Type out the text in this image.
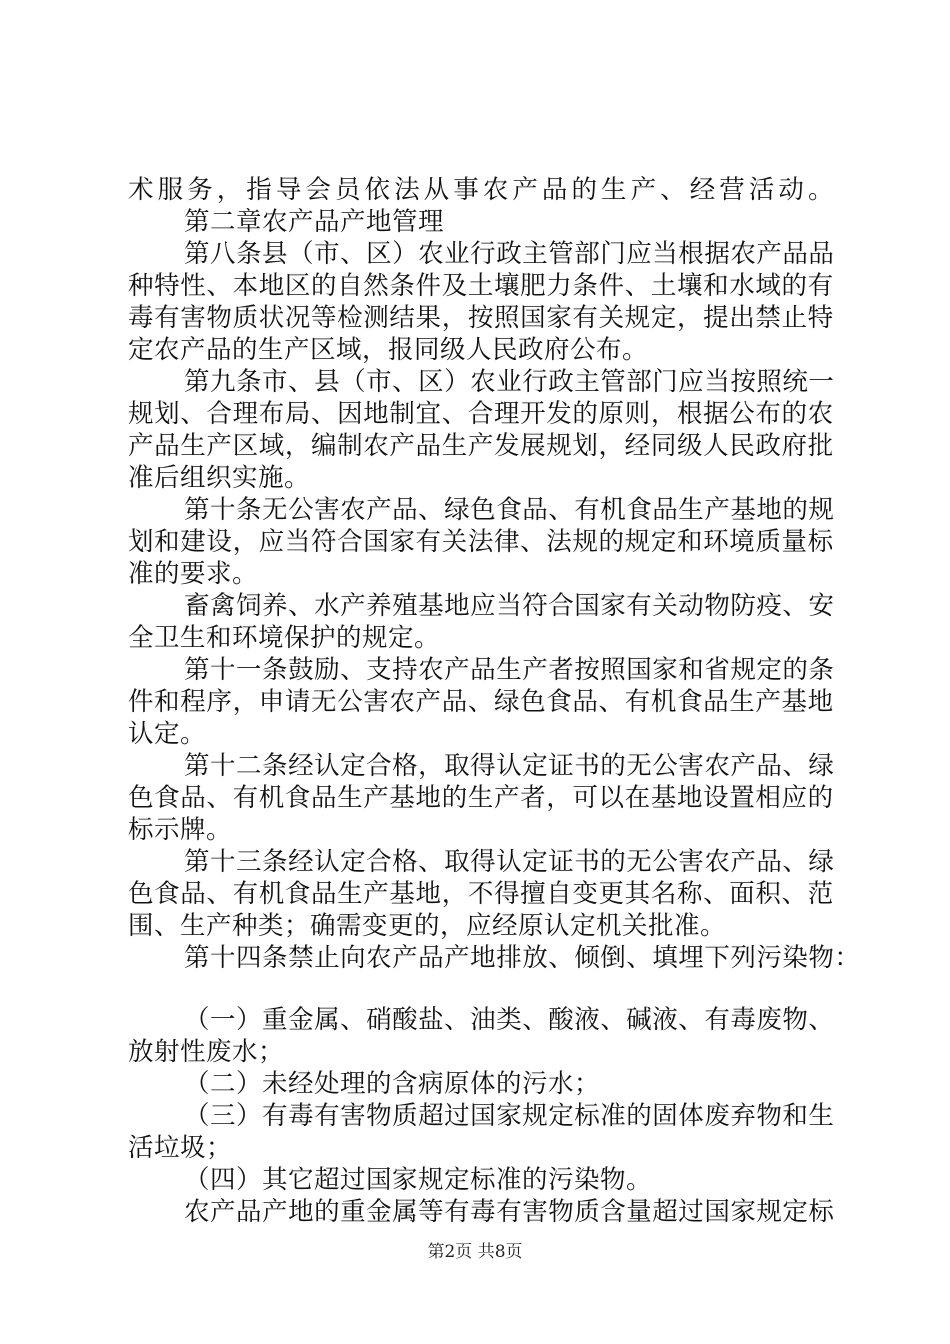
术 服 务 ， 指 导 会 员 依 法 从 事 农 产 品 的 生 产 、 经 营 活 动 。
第二章农产品产地管理
第 八 条 县 （ 市 、 区 ） 农 业 行 政 主 管 部 门 应 当 根 据 农 产 品 品
种 特 性 、 本 地 区 的 自 然 条 件 及 土 壤 肥 力 条 件 、 土 壤 和 水 域 的 有
毒 有 害 物 质 状 况 等 检 测 结 果 ， 按 照 国 家 有 关 规 定 ， 提 出 禁 止 特
定农产品的生产区域，报同级人民政府公布。
第 九 条 市 、 县 （ 市 、 区 ） 农 业 行 政 主 管 部 门 应 当 按 照 统 一
规 划 、 合 理 布 局 、 因 地 制 宜 、 合 理 开 发 的 原 则 ， 根 据 公 布 的 农
产 品 生 产 区 域 ， 编 制 农 产 品 生 产 发 展 规 划 ， 经 同 级 人 民 政 府 批
准后组织实施。
第 十 条 无 公 害 农 产 品 、 绿 色 食 品 、 有 机 食 品 生 产 基 地 的 规
划 和 建 设 ， 应 当 符 合 国 家 有 关 法 律 、 法 规 的 规 定 和 环 境 质 量 标
准的要求。
畜 禽 饲 养 、 水 产 养 殖 基 地 应 当 符 合 国 家 有 关 动 物 防 疫 、 安
全卫生和环境保护的规定。
第 十 一 条 鼓 励 、 支 持 农 产 品 生 产 者 按 照 国 家 和 省 规 定 的 条
件 和 程 序 ， 申 请 无 公 害 农 产 品 、 绿 色 食 品 、 有 机 食 品 生 产 基 地
认定。
第 十 二 条 经 认 定 合 格 ， 取 得 认 定 证 书 的 无 公 害 农 产 品 、 绿
色 食 品 、 有 机 食 品 生 产 基 地 的 生 产 者 ， 可 以 在 基 地 设 置 相 应 的
标示牌。
第 十 三 条 经 认 定 合 格 、 取 得 认 定 证 书 的 无 公 害 农 产 品 、 绿
色 食 品 、 有 机 食 品 生 产 基 地 ， 不 得 擅 自 变 更 其 名 称 、 面 积 、 范
围、生产种类；确需变更的，应经原认定机关批准。
第 十 四 条 禁 止 向 农 产 品 产 地 排 放 、 倾 倒 、 填 埋 下 列 污 染 物 ：
（ 一 ） 重 金 属 、 硝 酸 盐 、 油 类 、 酸 液 、 碱 液 、 有 毒 废 物 、
放射性废水；
（二）未经处理的含病原体的污水；
（ 三 ） 有 毒 有 害 物 质 超 过 国 家 规 定 标 准 的 固 体 废 弃 物 和 生
活垃圾；
（四）其它超过国家规定标准的污染物。
农 产 品 产 地 的 重 金 属 等 有 毒 有 害 物 质 含 量 超 过 国 家 规 定 标
第2页 共8页
